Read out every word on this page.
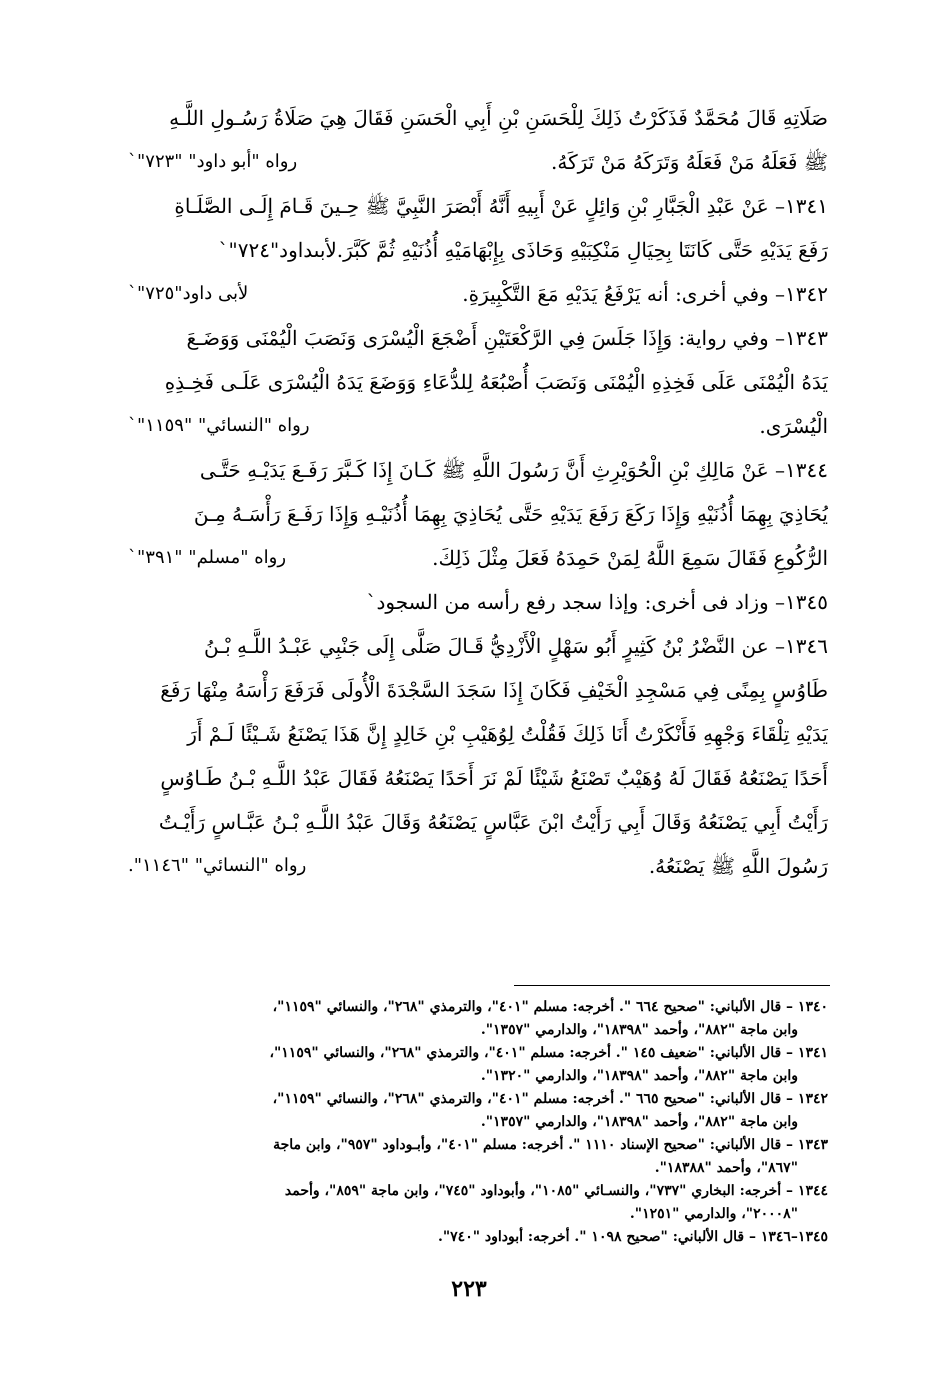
صَلَاتِهِ قَالَ مُحَمَّدٌ فَذَكَرْتُ ذَلِكَ لِلْحَسَنِ بْنِ أَبِي الْحَسَنِ فَقَالَ هِيَ صَلَاةُ رَسُـولِ اللَّـهِ
ﷺ فَعَلَهُ مَنْ فَعَلَهُ وَتَرَكَهُ مَنْ تَرَكَهُ.
رواه "أبو داود" "٧٢٣"`
١٣٤١– عَنْ عَبْدِ الْجَبَّارِ بْنِ وَائِلٍ عَنْ أَبِيهِ أَنَّهُ أَبْصَرَ النَّبِيَّ ﷺ حِـينَ قَـامَ إِلَـى الصَّلَـاةِ
رَفَعَ يَدَيْهِ حَتَّى كَانَتَا بِحِيَالِ مَنْكِبَيْهِ وَحَاذَى بِإِبْهَامَيْهِ أُذُنَيْهِ ثُمَّ كَبَّرَ.لأبىداود"٧٢٤"`
١٣٤٢– وفي أخرى: أنه يَرْفَعُ يَدَيْهِ مَعَ التَّكْبِيرَةِ.
لأبى داود"٧٢٥"`
١٣٤٣– وفي رواية: وَإِذَا جَلَسَ فِي الرَّكْعَتَيْنِ أَضْجَعَ الْيُسْرَى وَنَصَبَ الْيُمْنَى وَوَضَـعَ
يَدَهُ الْيُمْنَى عَلَى فَخِذِهِ الْيُمْنَى وَنَصَبَ أُصْبُعَهُ لِلدُّعَاءِ وَوَضَعَ يَدَهُ الْيُسْرَى عَلَـى فَخِـذِهِ
الْيُسْرَى.
رواه "النسائي" "١١٥٩"`
١٣٤٤– عَنْ مَالِكِ بْنِ الْحُوَيْرِثِ أَنَّ رَسُولَ اللَّهِ ﷺ كَـانَ إِذَا كَـبَّرَ رَفَـعَ يَدَيْـهِ حَتَّـى
يُحَاذِيَ بِهِمَا أُذُنَيْهِ وَإِذَا رَكَعَ رَفَعَ يَدَيْهِ حَتَّى يُحَاذِيَ بِهِمَا أُذُنَيْـهِ وَإِذَا رَفَـعَ رَأْسَـهُ مِـنَ
الرُّكُوعِ فَقَالَ سَمِعَ اللَّهُ لِمَنْ حَمِدَهُ فَعَلَ مِثْلَ ذَلِكَ.
رواه "مسلم" "٣٩١"`
١٣٤٥– وزاد فى أخرى: وإذا سجد رفع رأسه من السجود`
١٣٤٦– عن النَّضْرُ بْنُ كَثِيرٍ أَبُو سَهْلٍ الْأَزْدِيُّ قَـالَ صَلَّى إِلَى جَنْبِي عَبْـدُ اللَّـهِ بْـنُ
طَاوُسٍ بِمِنًى فِي مَسْجِدِ الْخَيْفِ فَكَانَ إِذَا سَجَدَ السَّجْدَةَ الْأُولَى فَرَفَعَ رَأْسَهُ مِنْهَا رَفَعَ
يَدَيْهِ تِلْقَاءَ وَجْهِهِ فَأَنْكَرْتُ أَنَا ذَلِكَ فَقُلْتُ لِوُهَيْبِ بْنِ خَالِدٍ إِنَّ هَذَا يَصْنَعُ شَـيْئًا لَـمْ أَرَ
أَحَدًا يَصْنَعُهُ فَقَالَ لَهُ وُهَيْبٌ تَصْنَعُ شَيْئًا لَمْ نَرَ أَحَدًا يَصْنَعُهُ فَقَالَ عَبْدُ اللَّـهِ بْـنُ طَـاوُسٍ
رَأَيْتُ أَبِي يَصْنَعُهُ وَقَالَ أَبِي رَأَيْتُ ابْنَ عَبَّاسٍ يَصْنَعُهُ وَقَالَ عَبْدُ اللَّـهِ بْـنُ عَبَّـاسٍ رَأَيْـتُ
رَسُولَ اللَّهِ ﷺ يَصْنَعُهُ.
رواه "النسائي" "١١٤٦".
١٣٤٠ – قال الألباني: "صحيح ٦٦٤ ". أخرجه: مسلم "٤٠١"، والترمذي "٢٦٨"، والنسائي "١١٥٩"،
وابن ماجة "٨٨٢"، وأحمد "١٨٣٩٨"، والدارمي "١٣٥٧".
١٣٤١ – قال الألباني: "ضعيف ١٤٥ ". أخرجه: مسلم "٤٠١"، والترمذي "٢٦٨"، والنسائي "١١٥٩"،
وابن ماجة "٨٨٢"، وأحمد "١٨٣٩٨"، والدارمي "١٣٢٠".
١٣٤٢ – قال الألباني: "صحيح ٦٦٥ ". أخرجه: مسلم "٤٠١"، والترمذي "٢٦٨"، والنسائي "١١٥٩"،
وابن ماجة "٨٨٢"، وأحمد "١٨٣٩٨"، والدارمي "١٣٥٧".
١٣٤٣ – قال الألباني: "صحيح الإسناد ١١١٠ ". أخرجه: مسلم "٤٠١"، وأبـوداود "٩٥٧"، وابن ماجة
"٨٦٧"، وأحمد "١٨٣٨٨".
١٣٤٤ – أخرجه: البخاري "٧٣٧"، والنسـائي "١٠٨٥"، وأبوداود "٧٤٥"، وابن ماجة "٨٥٩"، وأحمد
"٢٠٠٠٨"، والدارمي "١٢٥١".
١٣٤٥–١٣٤٦ – قال الألباني: "صحيح ١٠٩٨ ". أخرجه: أبوداود "٧٤٠".
٢٢٣
